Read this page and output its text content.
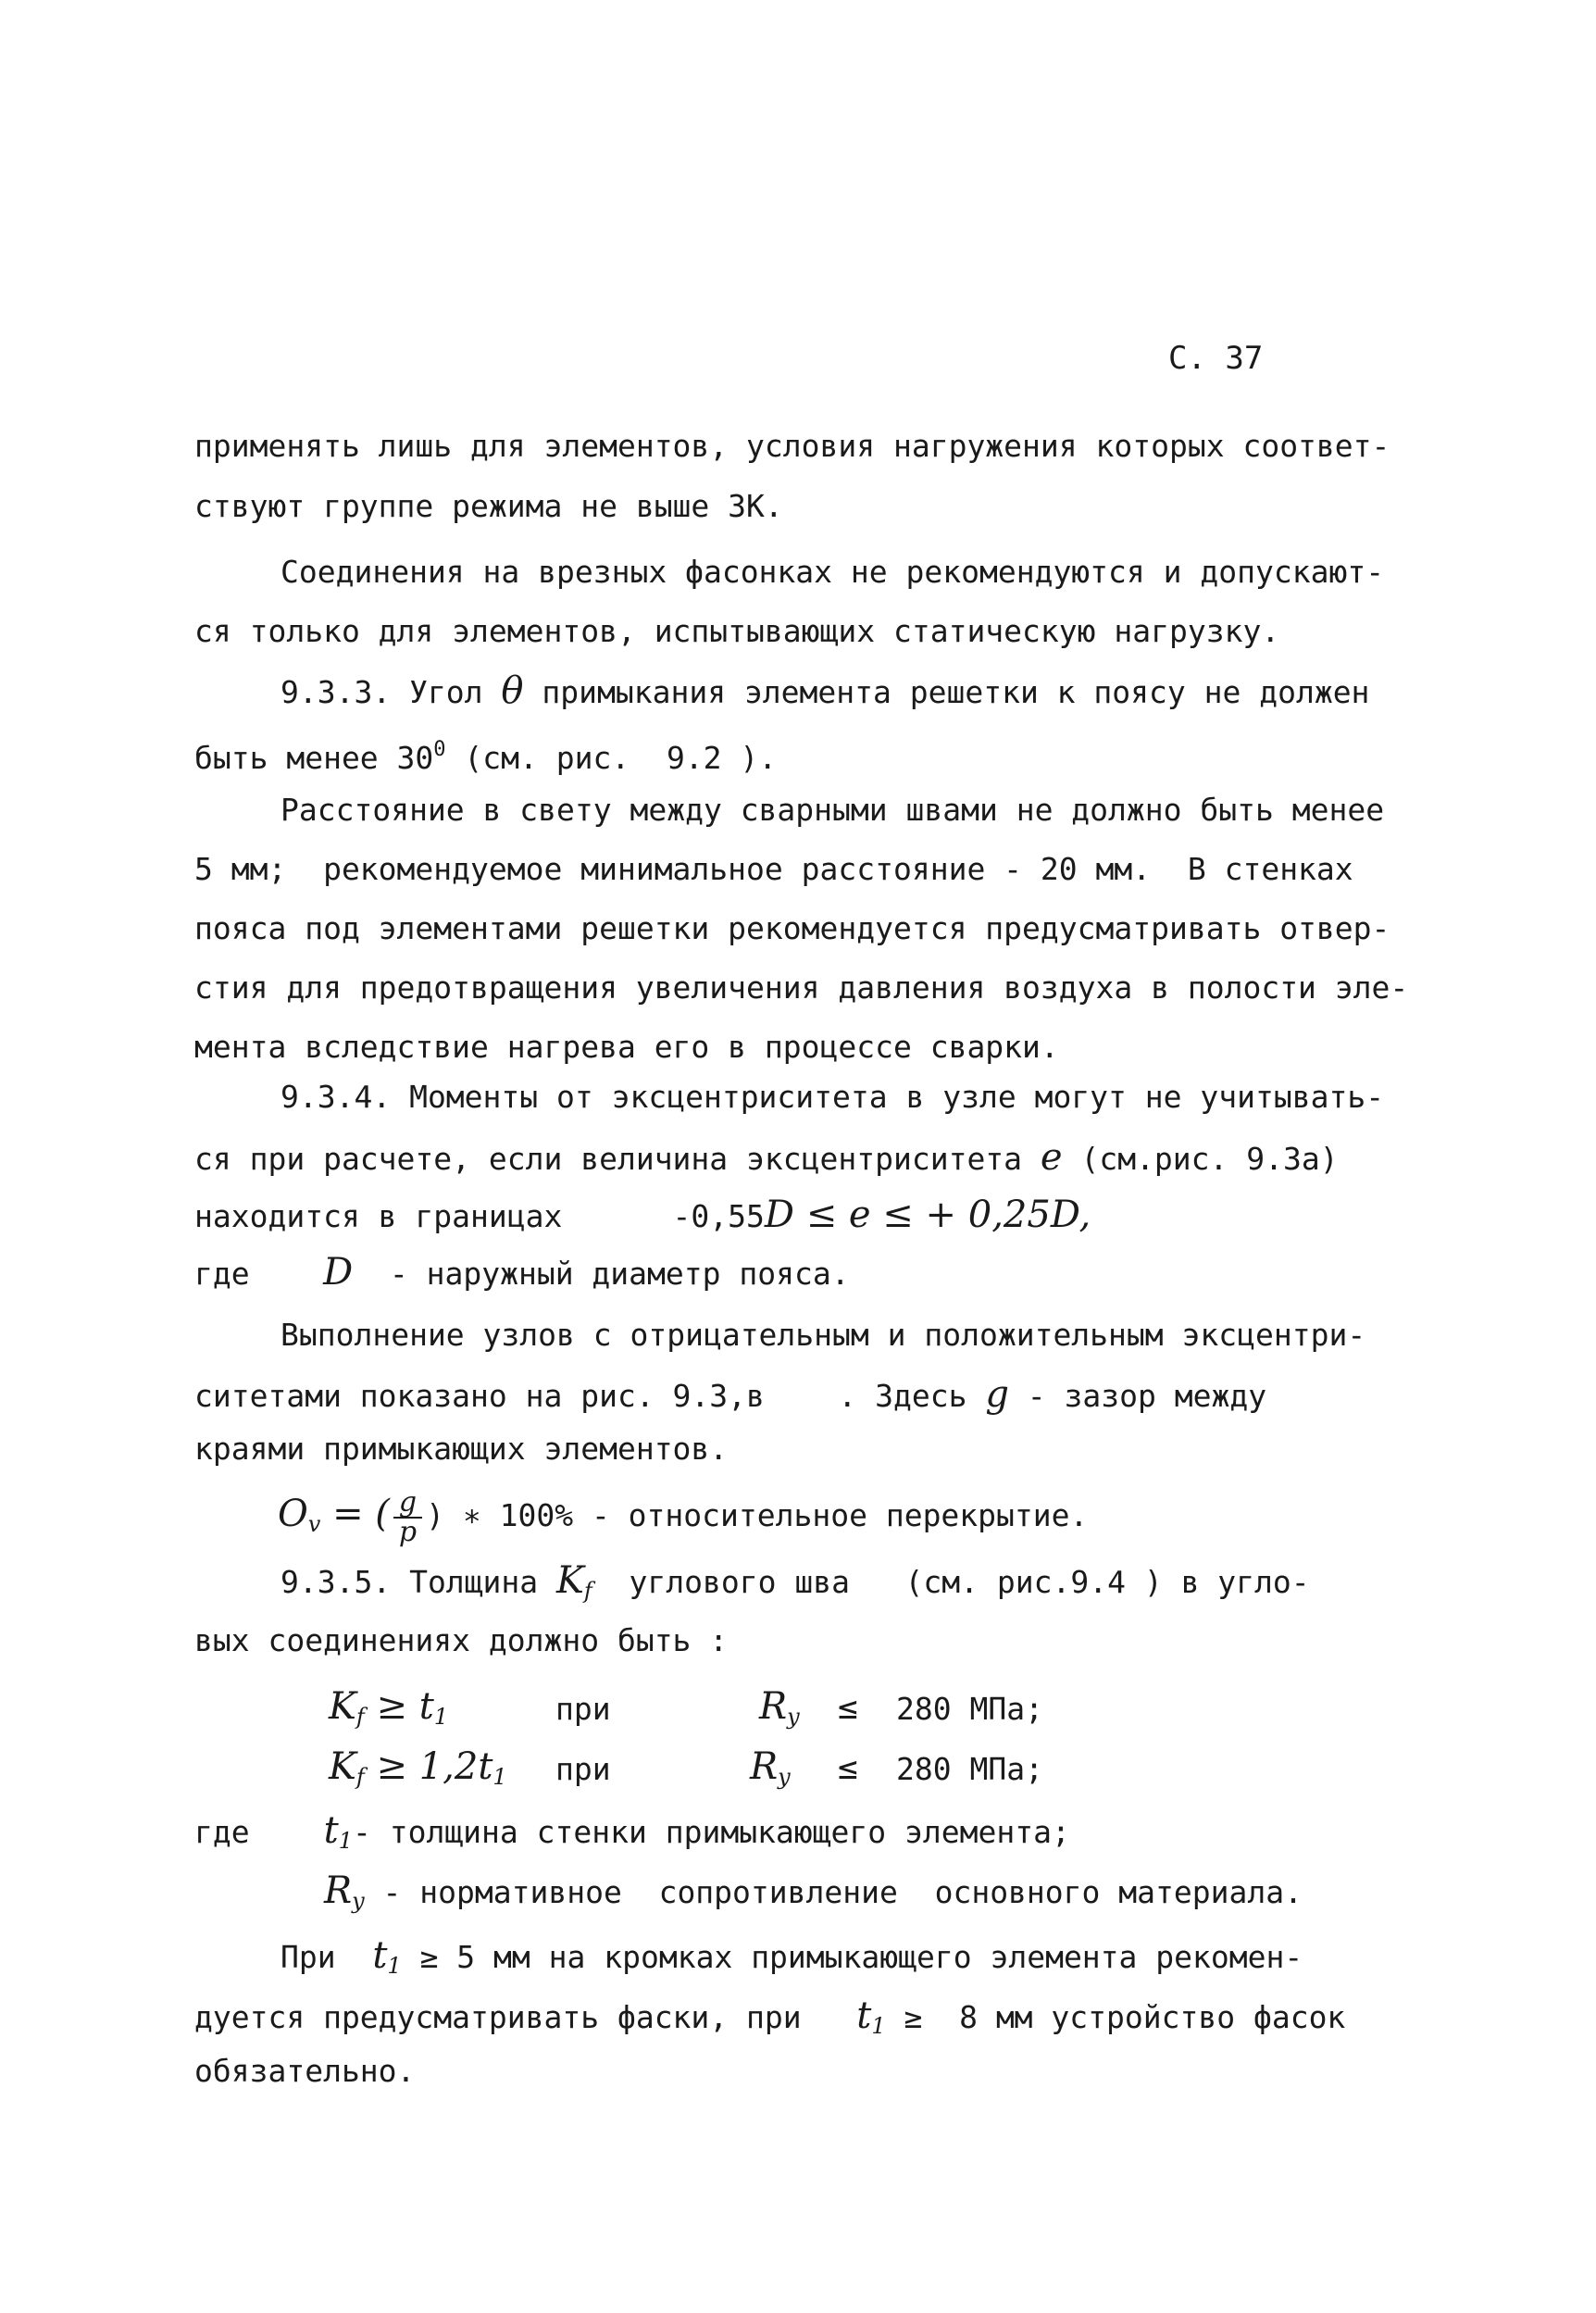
С. 37
применять лишь для элементов, условия нагружения которых соответ-
ствуют группе режима не выше 3К.
Соединения на врезных фасонках не рекомендуются и допускают-
ся только для элементов, испытывающих статическую нагрузку.
9.3.3. Угол θ примыкания элемента решетки к поясу не должен
быть менее $30^0$ (см. рис.  9.2 ).
Расстояние в свету между сварными швами не должно быть менее
5 мм;  рекомендуемое минимальное расстояние - 20 мм.  В стенках
пояса под элементами решетки рекомендуется предусматривать отвер-
стия для предотвращения увеличения давления воздуха в полости эле-
мента вследствие нагрева его в процессе сварки.
9.3.4. Моменты от эксцентриситета в узле могут не учитывать-
ся при расчете, если величина эксцентриситета e (см.рис. 9.3а)
находится в границах      -0,55D ≤ e ≤ + 0,25D,
где    D  - наружный диаметр пояса.
Выполнение узлов с отрицательным и положительным эксцентри-
ситетами показано на рис. 9.3,в    . Здесь g - зазор между
краями примыкающих элементов.
$O_v$ = ( $\frac{g}{p}$ ) ∗ 100% - относительное перекрытие.
9.3.5. Толщина $K_f$  углового шва   (см. рис.9.4 ) в угло-
вых соединениях должно быть :
$K_f \ge t_1$	при	$R_y \le 280$ МПа;
$K_f \ge 1,2t_1$ при	$R_y \le 280$ МПа;
где $t_1-$ толщина стенки примыкающего элемента;
$R_y$ - нормативное  сопротивление  основного материала.
При  $t_1 \ge 5$ мм на кромках примыкающего элемента рекомен-
дуется предусматривать фаски, при   $t_1 \ge 8$ мм устройство фасок
обязательно.
